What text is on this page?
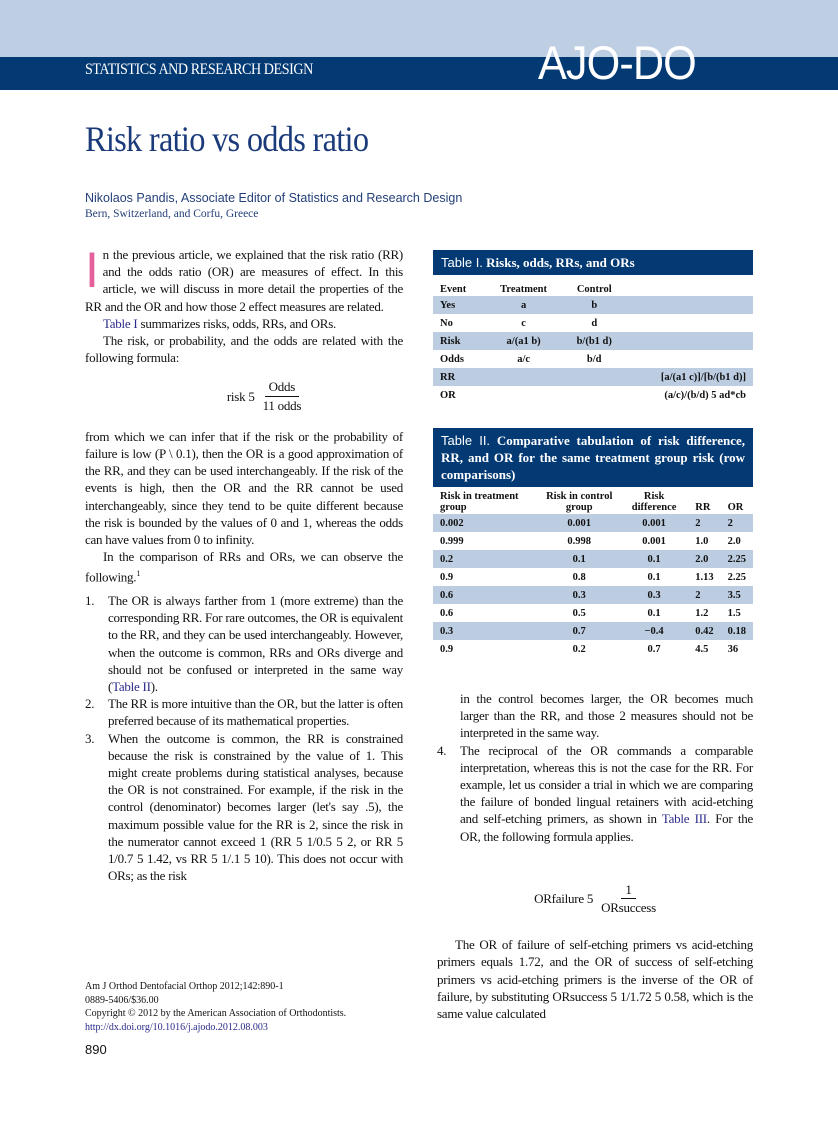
STATISTICS AND RESEARCH DESIGN	AJO-DO
Risk ratio vs odds ratio
Nikolaos Pandis, Associate Editor of Statistics and Research Design
Bern, Switzerland, and Corfu, Greece

In the previous article, we explained that the risk ratio (RR) and the odds ratio (OR) are measures of effect. In this article, we will discuss in more detail the properties of the RR and the OR and how those 2 effect measures are related.

Table I summarizes risks, odds, RRs, and ORs.

The risk, or probability, and the odds are related with the following formula:

risk $5 \frac{\text{Odds}}{\text{11 odds}}$

from which we can infer that if the risk or the probability of failure is low (P \ 0.1), then the OR is a good approximation of the RR, and they can be used interchangeably. If the risk of the events is high, then the OR and the RR cannot be used interchangeably, since they tend to be quite different because the risk is bounded by the values of 0 and 1, whereas the odds can have values from 0 to infinity.

In the comparison of RRs and ORs, we can observe the following.$^1$

1. The OR is always farther from 1 (more extreme) than the corresponding RR. For rare outcomes, the OR is equivalent to the RR, and they can be used interchangeably. However, when the outcome is common, RRs and ORs diverge and should not be confused or interpreted in the same way (Table II).
2. The RR is more intuitive than the OR, but the latter is often preferred because of its mathematical properties.
3. When the outcome is common, the RR is constrained because the risk is constrained by the value of 1. This might create problems during statistical analyses, because the OR is not constrained. For example, if the risk in the control (denominator) becomes larger (let's say .5), the maximum possible value for the RR is 2, since the risk in the numerator cannot exceed 1 (RR 5 1/0.5 5 2, or RR 5 1/0.7 5 1.42, vs RR 5 1/.1 5 10). This does not occur with ORs; as the risk
Table I. Risks, odds, RRs, and ORs
Event	Treatment	Control	
Yes	a	b	
No	c	d	
Risk	a/(a1 b)	b/(b1 d)	
Odds	a/c	b/d	
RR			[a/(a1 c)]/[b/(b1 d)]
OR			(a/c)/(b/d) 5 ad*cb
Table II. Comparative tabulation of risk difference, RR, and OR for the same treatment group risk (row comparisons)
Risk in treatment group	Risk in control group	Risk difference	RR	OR
0.002	0.001	0.001	2	2
0.999	0.998	0.001	1.0	2.0
0.2	0.1	0.1	2.0	2.25
0.9	0.8	0.1	1.13	2.25
0.6	0.3	0.3	2	3.5
0.6	0.5	0.1	1.2	1.5
0.3	0.7	−0.4	0.42	0.18
0.9	0.2	0.7	4.5	36

in the control becomes larger, the OR becomes much larger than the RR, and those 2 measures should not be interpreted in the same way.

4. The reciprocal of the OR commands a comparable interpretation, whereas this is not the case for the RR. For example, let us consider a trial in which we are comparing the failure of bonded lingual retainers with acid-etching and self-etching primers, as shown in Table III. For the OR, the following formula applies.
ORfailure $5 \frac{1}{\text{ORsuccess}}$

The OR of failure of self-etching primers vs acid-etching primers equals 1.72, and the OR of success of self-etching primers vs acid-etching primers is the inverse of the OR of failure, by substituting ORsuccess 5 1/1.72 5 0.58, which is the same value calculated

Am J Orthod Dentofacial Orthop 2012;142:890-1
0889-5406/$36.00
Copyright © 2012 by the American Association of Orthodontists.
http://dx.doi.org/10.1016/j.ajodo.2012.08.003
890
